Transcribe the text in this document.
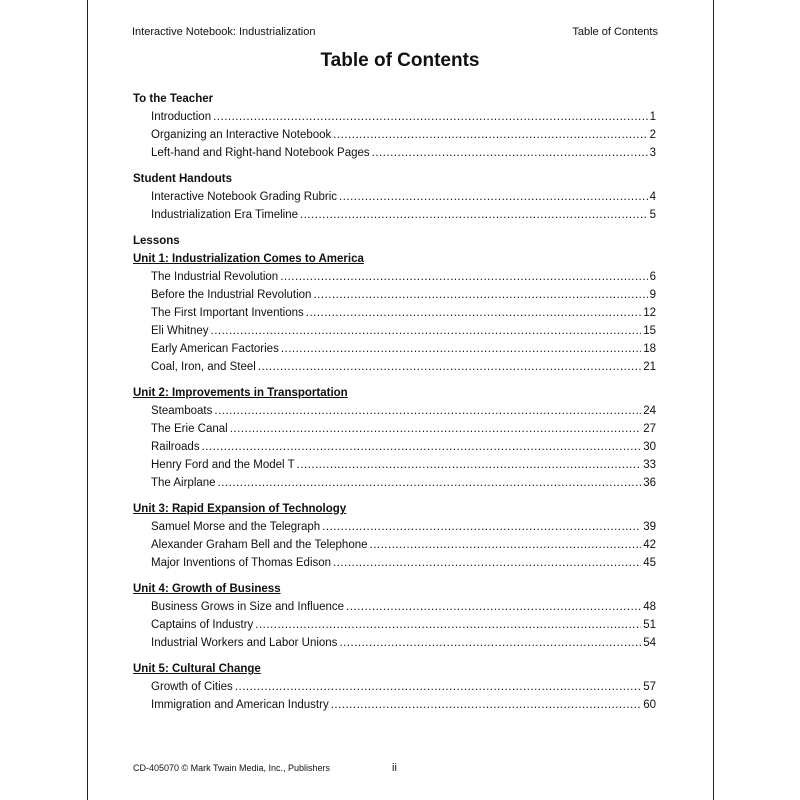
Interactive Notebook: Industrialization	Table of Contents
Table of Contents
To the Teacher
Introduction .....	1
Organizing an Interactive Notebook .....	2
Left-hand and Right-hand Notebook Pages .....	3
Student Handouts
Interactive Notebook Grading Rubric .....	4
Industrialization Era Timeline .....	5
Lessons
Unit 1: Industrialization Comes to America
The Industrial Revolution .....	6
Before the Industrial Revolution .....	9
The First Important Inventions .....	12
Eli Whitney .....	15
Early American Factories .....	18
Coal, Iron, and Steel .....	21
Unit 2: Improvements in Transportation
Steamboats .....	24
The Erie Canal .....	27
Railroads .....	30
Henry Ford and the Model T .....	33
The Airplane .....	36
Unit 3: Rapid Expansion of Technology
Samuel Morse and the Telegraph .....	39
Alexander Graham Bell and the Telephone .....	42
Major Inventions of Thomas Edison .....	45
Unit 4: Growth of Business
Business Grows in Size and Influence .....	48
Captains of Industry .....	51
Industrial Workers and Labor Unions .....	54
Unit 5: Cultural Change
Growth of Cities .....	57
Immigration and American Industry .....	60
CD-405070 © Mark Twain Media, Inc., Publishers	ii
